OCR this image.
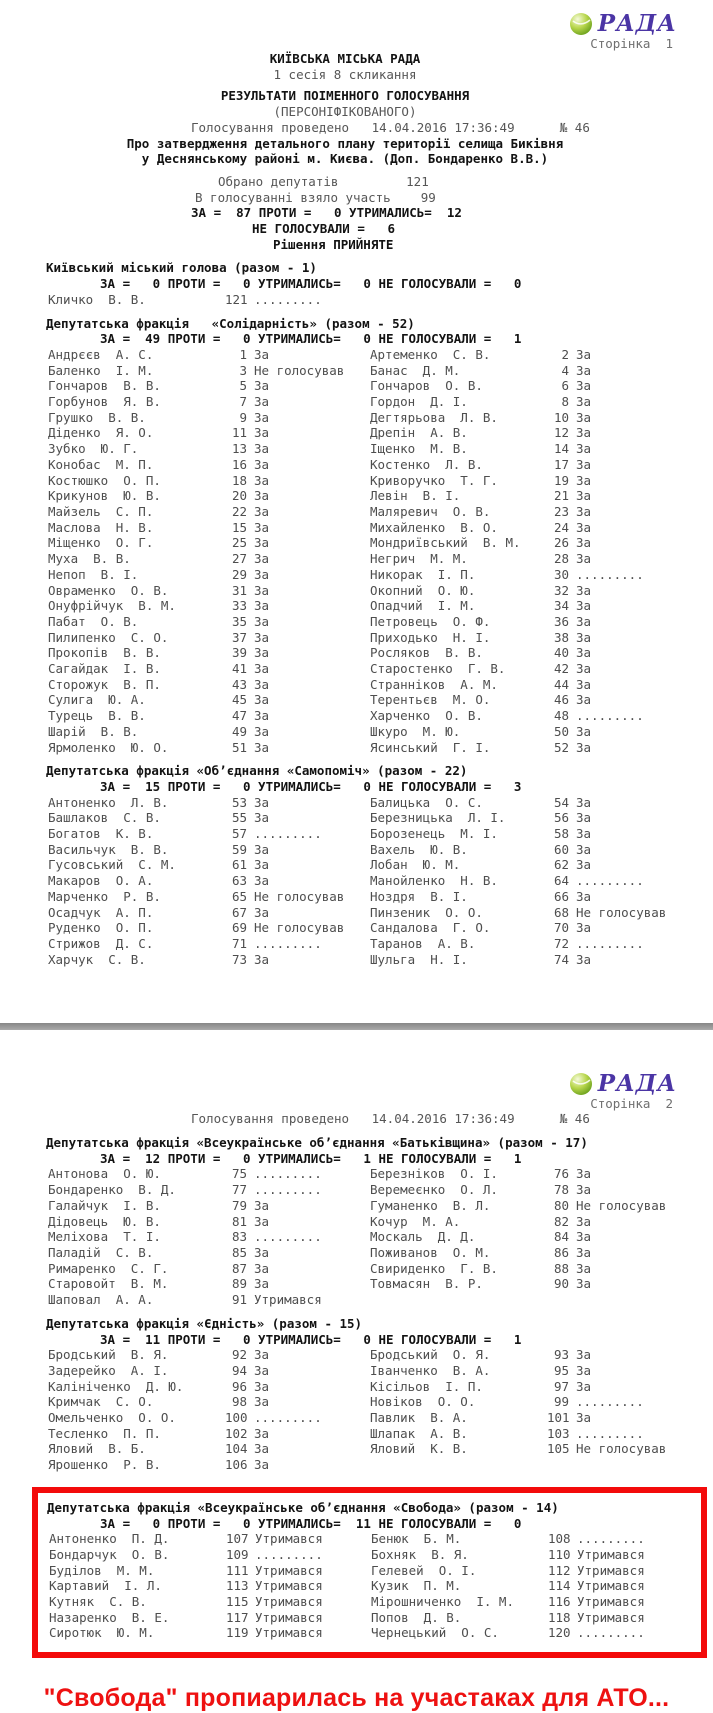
РАДА
Сторінка  1
КИЇВСЬКА МІСЬКА РАДА
1 сесія 8 скликання
РЕЗУЛЬТАТИ ПОІМЕННОГО ГОЛОСУВАННЯ
(ПЕРСОНІФІКОВАНОГО)
Голосування проведено   14.04.2016 17:36:49      № 46
Про затвердження детального плану території селища Биківня
у Деснянському районі м. Києва. (Доп. Бондаренко В.В.)
Обрано депутатів         121
В голосуванні взяло участь    99
ЗА =  87 ПРОТИ =   0 УТРИМАЛИСЬ=  12
НЕ ГОЛОСУВАЛИ =   6
Рішення ПРИЙНЯТЕ
Київський міський голова (разом - 1)
ЗА =   0 ПРОТИ =   0 УТРИМАЛИСЬ=   0 НЕ ГОЛОСУВАЛИ =   0
Кличко  В. В.	121 .........
Депутатська фракція   «Солідарність» (разом - 52)
ЗА =  49 ПРОТИ =   0 УТРИМАЛИСЬ=   0 НЕ ГОЛОСУВАЛИ =   1
Андрєєв  А. С.	1 За	Артеменко  С. В.	2 За
Баленко  І. М.	3 Не голосував	Банас  Д. М.	4 За
Гончаров  В. В.	5 За	Гончаров  О. В.	6 За
Горбунов  Я. В.	7 За	Гордон  Д. І.	8 За
Грушко  В. В.	9 За	Дегтярьова  Л. В.	10 За
Діденко  Я. О.	11 За	Дрепін  А. В.	12 За
Зубко  Ю. Г.	13 За	Іщенко  М. В.	14 За
Конобас  М. П.	16 За	Костенко  Л. В.	17 За
Костюшко  О. П.	18 За	Криворучко  Т. Г.	19 За
Крикунов  Ю. В.	20 За	Левін  В. І.	21 За
Майзель  С. П.	22 За	Маляревич  О. В.	23 За
Маслова  Н. В.	15 За	Михайленко  В. О.	24 За
Міщенко  О. Г.	25 За	Мондриївський  В. М.	26 За
Муха  В. В.	27 За	Негрич  М. М.	28 За
Непоп  В. І.	29 За	Никорак  І. П.	30 .........
Овраменко  О. В.	31 За	Окопний  О. Ю.	32 За
Онуфрійчук  В. М.	33 За	Опадчий  І. М.	34 За
Пабат  О. В.	35 За	Петровець  О. Ф.	36 За
Пилипенко  С. О.	37 За	Приходько  Н. І.	38 За
Прокопів  В. В.	39 За	Росляков  В. В.	40 За
Сагайдак  І. В.	41 За	Старостенко  Г. В.	42 За
Сторожук  В. П.	43 За	Странніков  А. М.	44 За
Сулига  Ю. А.	45 За	Терентьєв  М. О.	46 За
Турець  В. В.	47 За	Харченко  О. В.	48 .........
Шарій  В. В.	49 За	Шкуро  М. Ю.	50 За
Ярмоленко  Ю. О.	51 За	Ясинський  Г. І.	52 За
Депутатська фракція «Об’єднання «Самопоміч» (разом - 22)
ЗА =  15 ПРОТИ =   0 УТРИМАЛИСЬ=   0 НЕ ГОЛОСУВАЛИ =   3
Антоненко  Л. В.	53 За	Балицька  О. С.	54 За
Башлаков  С. В.	55 За	Березницька  Л. І.	56 За
Богатов  К. В.	57 .........	Борозенець  М. І.	58 За
Васильчук  В. В.	59 За	Вахель  Ю. В.	60 За
Гусовський  С. М.	61 За	Лобан  Ю. М.	62 За
Макаров  О. А.	63 За	Манойленко  Н. В.	64 .........
Марченко  Р. В.	65 Не голосував	Ноздря  В. І.	66 За
Осадчук  А. П.	67 За	Пинзеник  О. О.	68 Не голосував
Руденко  О. П.	69 Не голосував	Сандалова  Г. О.	70 За
Стрижов  Д. С.	71 .........	Таранов  А. В.	72 .........
Харчук  С. В.	73 За	Шульга  Н. І.	74 За
РАДА
Сторінка  2
Голосування проведено   14.04.2016 17:36:49      № 46
Депутатська фракція «Всеукраїнське об’єднання «Батьківщина» (разом - 17)
ЗА =  12 ПРОТИ =   0 УТРИМАЛИСЬ=   1 НЕ ГОЛОСУВАЛИ =   1
Антонова  О. Ю.	75 .........	Березніков  О. І.	76 За
Бондаренко  В. Д.	77 .........	Веремеєнко  О. Л.	78 За
Галайчук  І. В.	79 За	Гуманенко  В. Л.	80 Не голосував
Дідовець  Ю. В.	81 За	Кочур  М. А.	82 За
Меліхова  Т. І.	83 .........	Москаль  Д. Д.	84 За
Паладій  С. В.	85 За	Поживанов  О. М.	86 За
Римаренко  С. Г.	87 За	Свириденко  Г. В.	88 За
Старовойт  В. М.	89 За	Товмасян  В. Р.	90 За
Шаповал  А. А.	91 Утримався
Депутатська фракція «Єдність» (разом - 15)
ЗА =  11 ПРОТИ =   0 УТРИМАЛИСЬ=   0 НЕ ГОЛОСУВАЛИ =   1
Бродський  В. Я.	92 За	Бродський  О. Я.	93 За
Задерейко  А. І.	94 За	Іванченко  В. А.	95 За
Калініченко  Д. Ю.	96 За	Кісільов  І. П.	97 За
Кримчак  С. О.	98 За	Новіков  О. О.	99 .........
Омельченко  О. О.	100 .........	Павлик  В. А.	101 За
Тесленко  П. П.	102 За	Шлапак  А. В.	103 .........
Яловий  В. Б.	104 За	Яловий  К. В.	105 Не голосував
Ярошенко  Р. В.	106 За
Депутатська фракція «Всеукраїнське об’єднання «Свобода» (разом - 14)
ЗА =   0 ПРОТИ =   0 УТРИМАЛИСЬ=  11 НЕ ГОЛОСУВАЛИ =   0
Антоненко  П. Д.	107 Утримався	Бенюк  Б. М.	108 .........
Бондарчук  О. В.	109 .........	Бохняк  В. Я.	110 Утримався
Буділов  М. М.	111 Утримався	Гелевей  О. І.	112 Утримався
Картавий  І. Л.	113 Утримався	Кузик  П. М.	114 Утримався
Кутняк  С. В.	115 Утримався	Мірошниченко  І. М.	116 Утримався
Назаренко  В. Е.	117 Утримався	Попов  Д. В.	118 Утримався
Сиротюк  Ю. М.	119 Утримався	Чернецький  О. С.	120 .........
"Свобода" пропиарилась на участаках для АТО...
